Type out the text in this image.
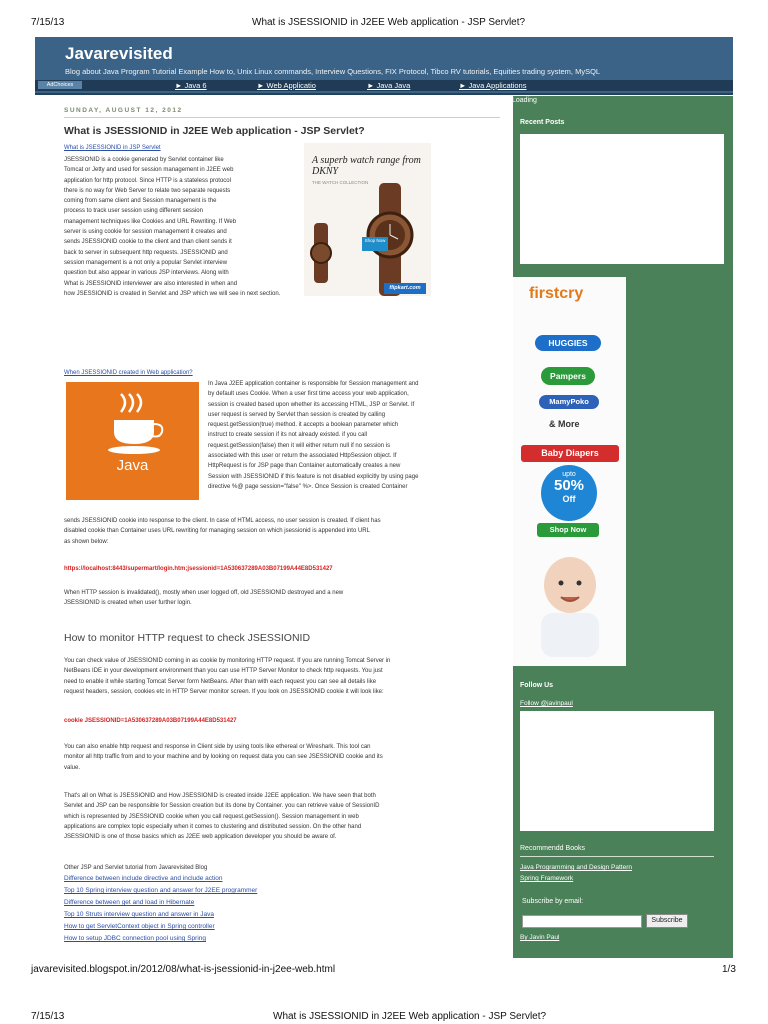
7/15/13	What is JSESSIONID in J2EE Web application - JSP Servlet?
Javarevisited
Blog about Java Program Tutorial Example How to, Unix Linux commands, Interview Questions, FIX Protocol, Tibco RV tutorials, Equities trading system, MySQL
AdChoices	► Java 6	► Web Applicatio	► Java Java	► Java Applications
SUNDAY, AUGUST 12, 2012
What is JSESSIONID in J2EE Web application - JSP Servlet?
What is JSESSIONID in JSP Servlet
JSESSIONID is a cookie generated by Servlet container like
Tomcat or Jetty and used for session management in J2EE web
application for http protocol. Since HTTP is a stateless protocol
there is no way for Web Server to relate two separate requests
coming from same client and Session management is the
process to track user session using different session
management techniques like Cookies and URL Rewriting. If Web
server is using cookie for session management it creates and
sends JSESSIONID cookie to the client and than client sends it
back to server in subsequent http requests. JSESSIONID and
session management is a not only a popular Servlet interview
question but also appear in various JSP interviews. Along with
What is JSESSIONID interviewer are also interested in when and
how JSESSIONID is created in Servlet and JSP which we will see in next section.
A superb watch range from DKNY
THE WATCH COLLECTION
Shop Now
flipkart.com
When JSESSIONID created in Web application?
Java
In Java J2EE application container is responsible for Session management and
by default uses Cookie. When a user first time access your web application,
session is created based upon whether its accessing HTML, JSP or Servlet. If
user request is served by Servlet than session is created by calling
request.getSession(true) method. it accepts a boolean parameter which
instruct to create session if its not already existed. if you call
request.getSession(false) then it will either return null if no session is
associated with this user or return the associated HttpSession object. If
HttpRequest is for JSP page than Container automatically creates a new
Session with JSESSIONID if this feature is not disabled explicitly by using page
directive %@ page session="false" %>. Once Session is created Container
sends JSESSIONID cookie into response to the client. In case of HTML access, no user session is created. If client has
disabled cookie than Container uses URL rewriting for managing session on which jsessionid is appended into URL
as shown below:
https://localhost:8443/supermart/login.htm;jsessionid=1A530637289A03B07199A44E8D531427
When HTTP session is invalidated(), mostly when user logged off, old JSESSIONID destroyed and a new
JSESSIONID is created when user further login.
How to monitor HTTP request to check JSESSIONID
You can check value of JSESSIONID coming in as cookie by monitoring HTTP request. If you are running Tomcat Server in
NetBeans IDE in your development environment than you can use HTTP Server Monitor to check http requests. You just
need to enable it while starting Tomcat Server form NetBeans. After than with each request you can see all details like
request headers, session, cookies etc in HTTP Server monitor screen. If you look on JSESSIONID cookie it will look like:
cookie JSESSIONID=1A530637289A03B07199A44E8D531427
You can also enable http request and response in Client side by using tools like ethereal or Wireshark. This tool can
monitor all http traffic from and to your machine and by looking on request data you can see JSESSIONID cookie and its
value.
That's all on What is JSESSIONID and How JSESSIONID is created inside J2EE application. We have seen that both
Servlet and JSP can be responsible for Session creation but its done by Container. you can retrieve value of SessionID
which is represented by JSESSIONID cookie when you call request.getSession(). Session management in web
applications are complex topic especially when it comes to clustering and distributed session. On the other hand
JSESSIONID is one of those basics which as J2EE web application developer you should be aware of.
Other JSP and Servlet tutorial from Javarevisited Blog
Difference between include directive and include action
Top 10 Spring interview question and answer for J2EE programmer
Difference between get and load in Hibernate
Top 10 Struts interview question and answer in Java
How to get ServletContext object in Spring controller
How to setup JDBC connection pool using Spring
Loading
Recent Posts
firstcry
HUGGIES
Pampers
MamyPoko
& More
Baby Diapers
upto
50%
Off
Shop Now
Follow Us
Follow @javinpaul
Recommendd Books
Java Programming and Design Pattern
Spring Framework
Subscribe by email:
Subscribe
By Javin Paul
javarevisited.blogspot.in/2012/08/what-is-jsessionid-in-j2ee-web.html	1/3
7/15/13	What is JSESSIONID in J2EE Web application - JSP Servlet?
